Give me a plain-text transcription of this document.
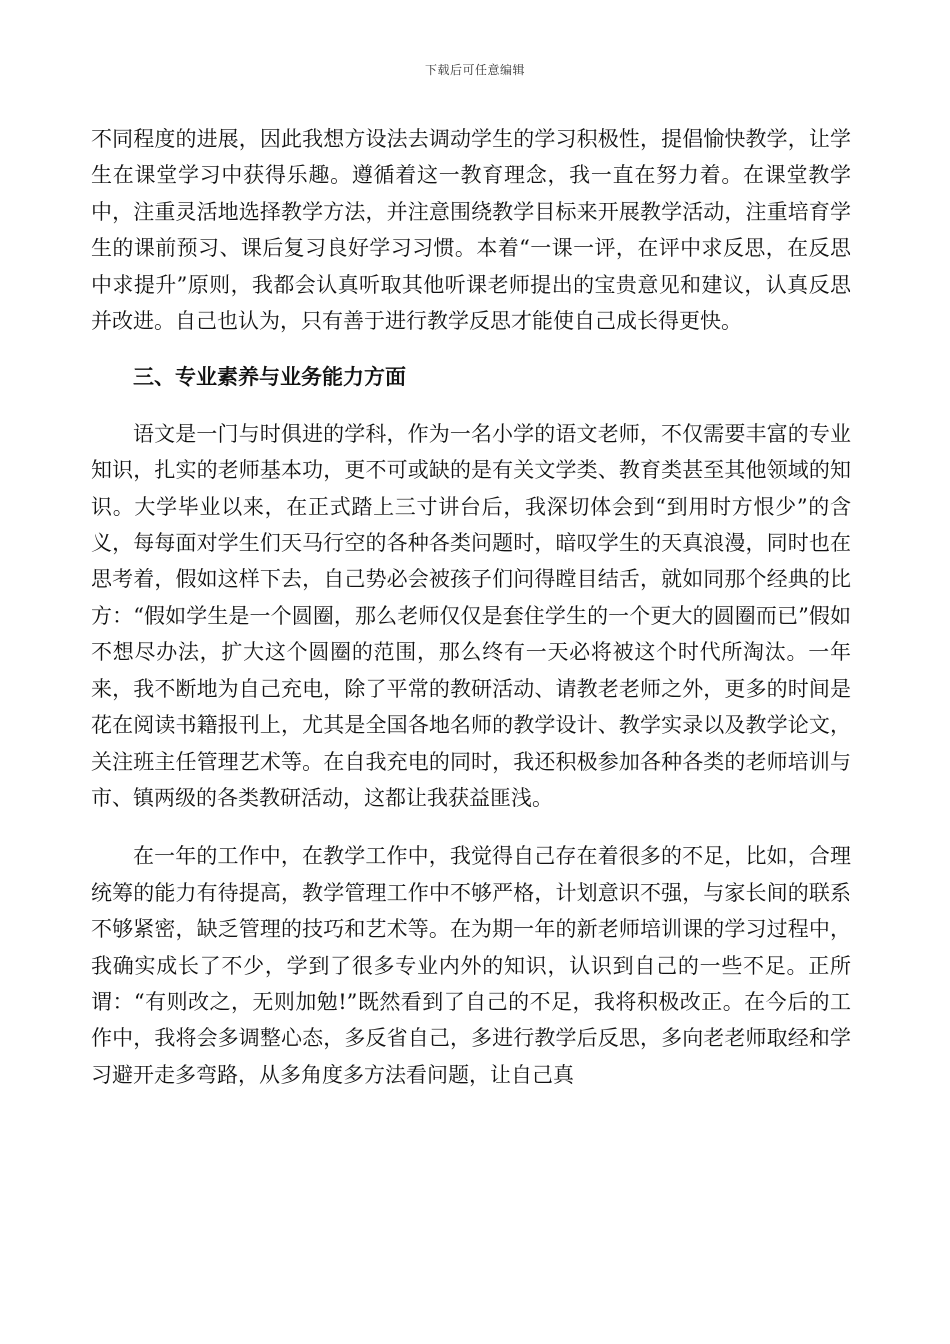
下载后可任意编辑

不同程度的进展，因此我想方设法去调动学生的学习积极性，提倡愉快教学，让学生在课堂学习中获得乐趣。遵循着这一教育理念，我一直在努力着。在课堂教学中，注重灵活地选择教学方法，并注意围绕教学目标来开展教学活动，注重培育学生的课前预习、课后复习良好学习习惯。本着“一课一评，在评中求反思，在反思中求提升”原则，我都会认真听取其他听课老师提出的宝贵意见和建议，认真反思并改进。自己也认为，只有善于进行教学反思才能使自己成长得更快。

三、专业素养与业务能力方面

语文是一门与时俱进的学科，作为一名小学的语文老师，不仅需要丰富的专业知识，扎实的老师基本功，更不可或缺的是有关文学类、教育类甚至其他领域的知识。大学毕业以来，在正式踏上三寸讲台后，我深切体会到“到用时方恨少”的含义，每每面对学生们天马行空的各种各类问题时，暗叹学生的天真浪漫，同时也在思考着，假如这样下去，自己势必会被孩子们问得瞠目结舌，就如同那个经典的比方：“假如学生是一个圆圈，那么老师仅仅是套住学生的一个更大的圆圈而已”假如不想尽办法，扩大这个圆圈的范围，那么终有一天必将被这个时代所淘汰。一年来，我不断地为自己充电，除了平常的教研活动、请教老老师之外，更多的时间是花在阅读书籍报刊上，尤其是全国各地名师的教学设计、教学实录以及教学论文，关注班主任管理艺术等。在自我充电的同时，我还积极参加各种各类的老师培训与市、镇两级的各类教研活动，这都让我获益匪浅。

在一年的工作中，在教学工作中，我觉得自己存在着很多的不足，比如，合理统筹的能力有待提高，教学管理工作中不够严格，计划意识不强，与家长间的联系不够紧密，缺乏管理的技巧和艺术等。在为期一年的新老师培训课的学习过程中，我确实成长了不少，学到了很多专业内外的知识，认识到自己的一些不足。正所谓：“有则改之，无则加勉!”既然看到了自己的不足，我将积极改正。在今后的工作中，我将会多调整心态，多反省自己，多进行教学后反思，多向老老师取经和学习避开走多弯路，从多角度多方法看问题，让自己真
